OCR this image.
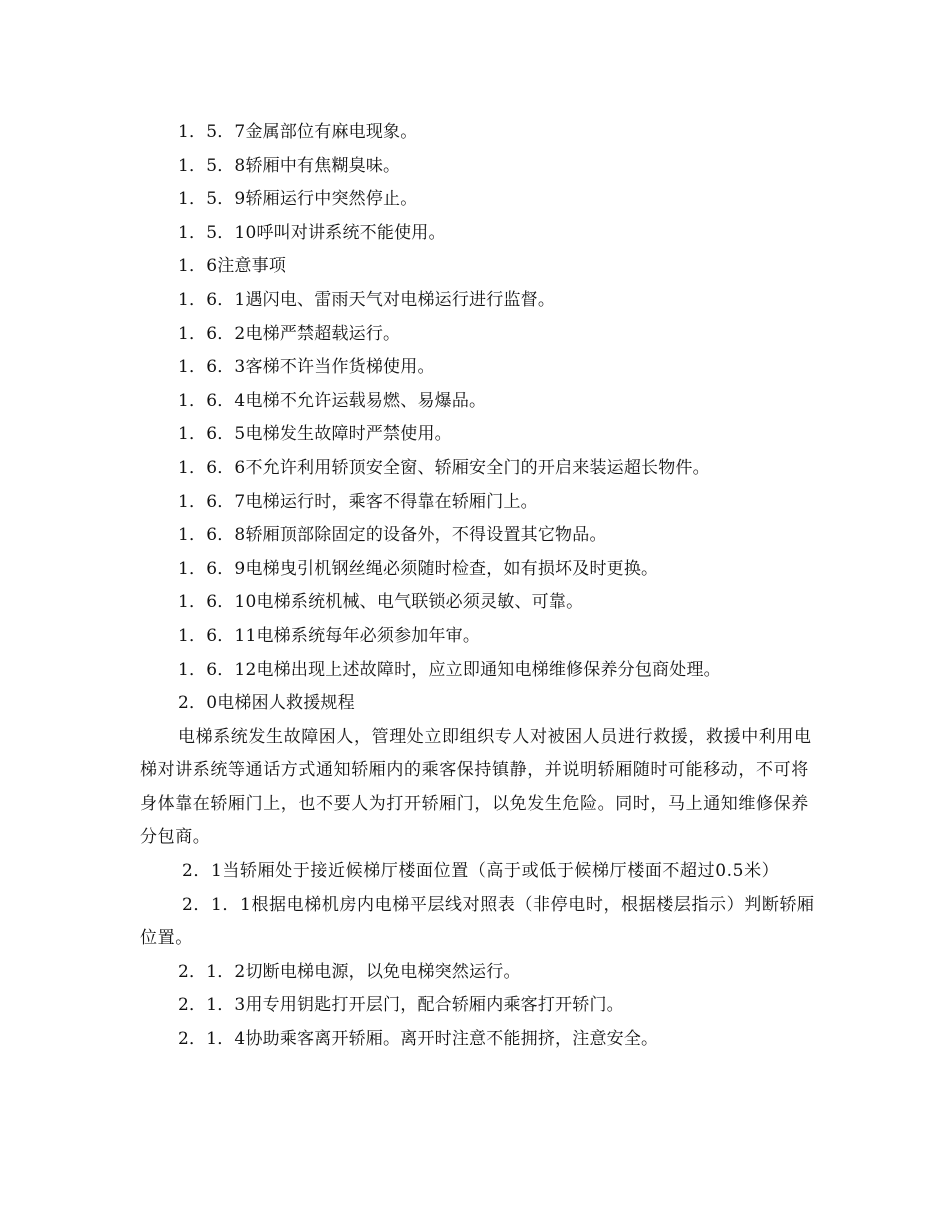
1．5．7金属部位有麻电现象。
1．5．8轿厢中有焦糊臭味。
1．5．9轿厢运行中突然停止。
1．5．10呼叫对讲系统不能使用。
1．6注意事项
1．6．1遇闪电、雷雨天气对电梯运行进行监督。
1．6．2电梯严禁超载运行。
1．6．3客梯不许当作货梯使用。
1．6．4电梯不允许运载易燃、易爆品。
1．6．5电梯发生故障时严禁使用。
1．6．6不允许利用轿顶安全窗、轿厢安全门的开启来装运超长物件。
1．6．7电梯运行时，乘客不得靠在轿厢门上。
1．6．8轿厢顶部除固定的设备外，不得设置其它物品。
1．6．9电梯曳引机钢丝绳必须随时检查，如有损坏及时更换。
1．6．10电梯系统机械、电气联锁必须灵敏、可靠。
1．6．11电梯系统每年必须参加年审。
1．6．12电梯出现上述故障时，应立即通知电梯维修保养分包商处理。
2．0电梯困人救援规程
电梯系统发生故障困人，管理处立即组织专人对被困人员进行救援，救援中利用电梯对讲系统等通话方式通知轿厢内的乘客保持镇静，并说明轿厢随时可能移动，不可将身体靠在轿厢门上，也不要人为打开轿厢门，以免发生危险。同时，马上通知维修保养分包商。
2．1当轿厢处于接近候梯厅楼面位置（高于或低于候梯厅楼面不超过0.5米）
2．1．1根据电梯机房内电梯平层线对照表（非停电时，根据楼层指示）判断轿厢位置。
2．1．2切断电梯电源，以免电梯突然运行。
2．1．3用专用钥匙打开层门，配合轿厢内乘客打开轿门。
2．1．4协助乘客离开轿厢。离开时注意不能拥挤，注意安全。
